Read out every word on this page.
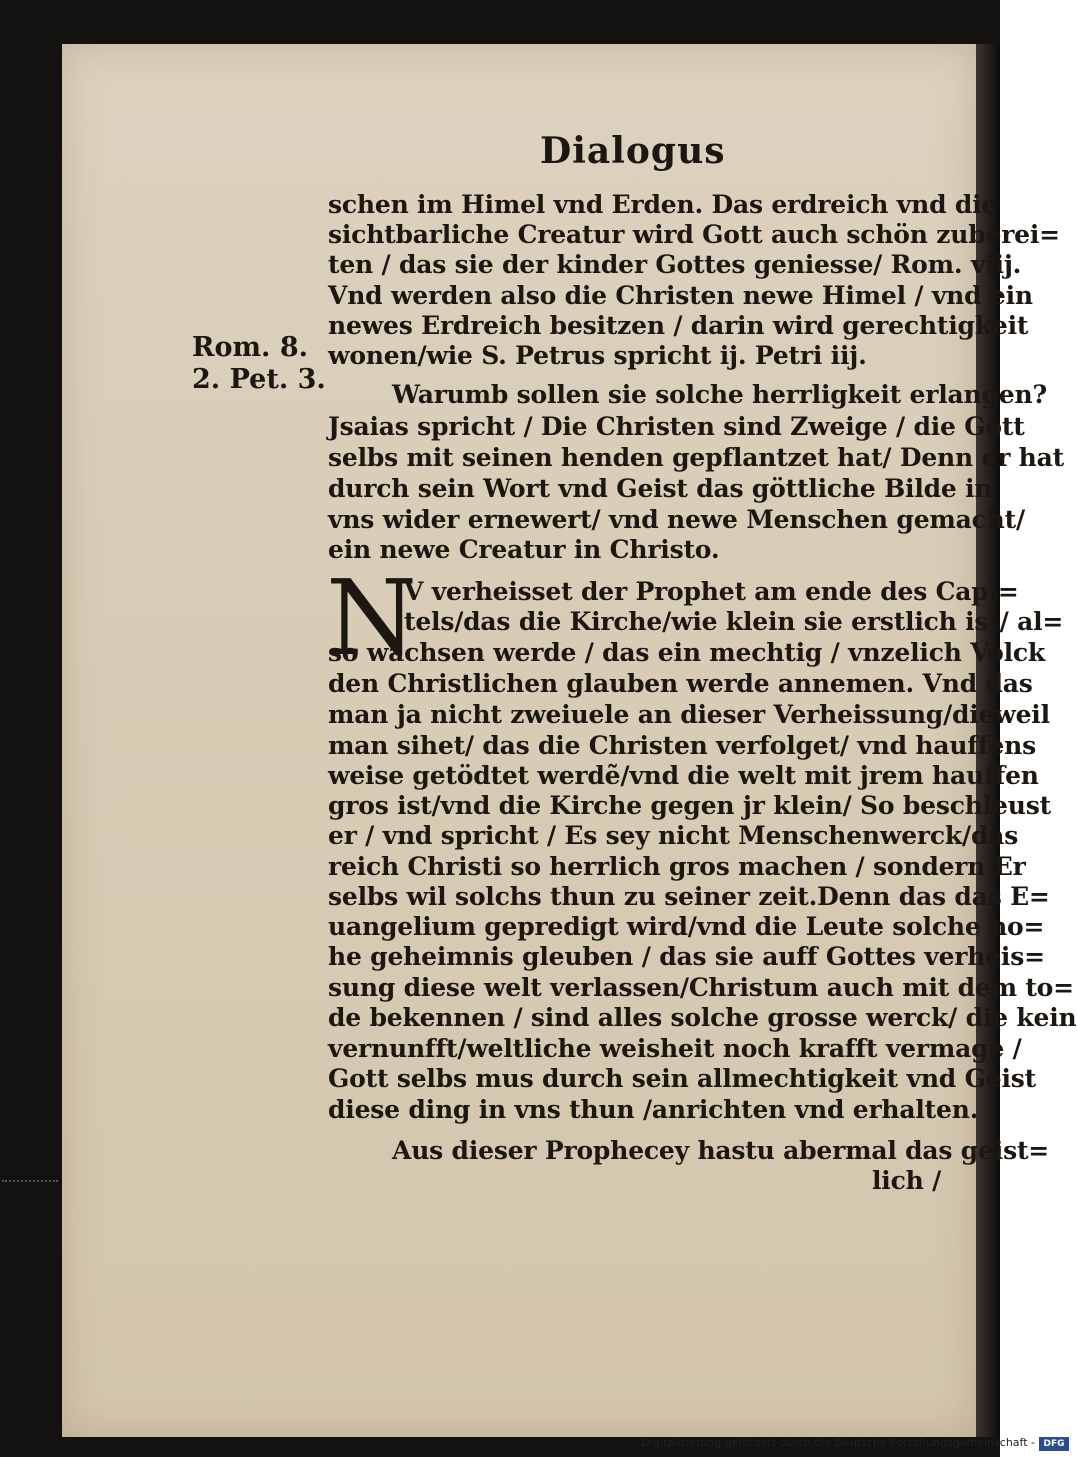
Dialogus
Rom. 8.
2. Pet. 3.
schen im Himel vnd Erden. Das erdreich vnd die
sichtbarliche Creatur wird Gott auch schön zuberei=
ten / das sie der kinder Gottes geniesse/ Rom. viij.
Vnd werden also die Christen newe Himel / vnd ein
newes Erdreich besitzen / darin wird gerechtigkeit
wonen/wie S. Petrus spricht ij. Petri iij.
Warumb sollen sie solche herrligkeit erlangen?
Jsaias spricht / Die Christen sind Zweige / die Gott
selbs mit seinen henden gepflantzet hat/ Denn er hat
durch sein Wort vnd Geist das göttliche Bilde in
vns wider ernewert/ vnd newe Menschen gemacht/
ein newe Creatur in Christo.
N
V verheisset der Prophet am ende des Capi=
tels/das die Kirche/wie klein sie erstlich ist/ al=
so wachsen werde / das ein mechtig / vnzelich Volck
den Christlichen glauben werde annemen. Vnd das
man ja nicht zweiuele an dieser Verheissung/dieweil
man sihet/ das die Christen verfolget/ vnd hauffens
weise getödtet werdẽ/vnd die welt mit jrem hauffen
gros ist/vnd die Kirche gegen jr klein/ So beschleust
er / vnd spricht / Es sey nicht Menschenwerck/das
reich Christi so herrlich gros machen / sondern Er
selbs wil solchs thun zu seiner zeit.Denn das das E=
uangelium gepredigt wird/vnd die Leute solche ho=
he geheimnis gleuben / das sie auff Gottes verheis=
sung diese welt verlassen/Christum auch mit dem to=
de bekennen / sind alles solche grosse werck/ die kein
vernunfft/weltliche weisheit noch krafft vermage /
Gott selbs mus durch sein allmechtigkeit vnd Geist
diese ding in vns thun /anrichten vnd erhalten.
Aus dieser Prophecey hastu abermal das geist=
lich /
Digitalisierung gefördert durch die Deutsche Forschungsgemeinschaft - DFG
